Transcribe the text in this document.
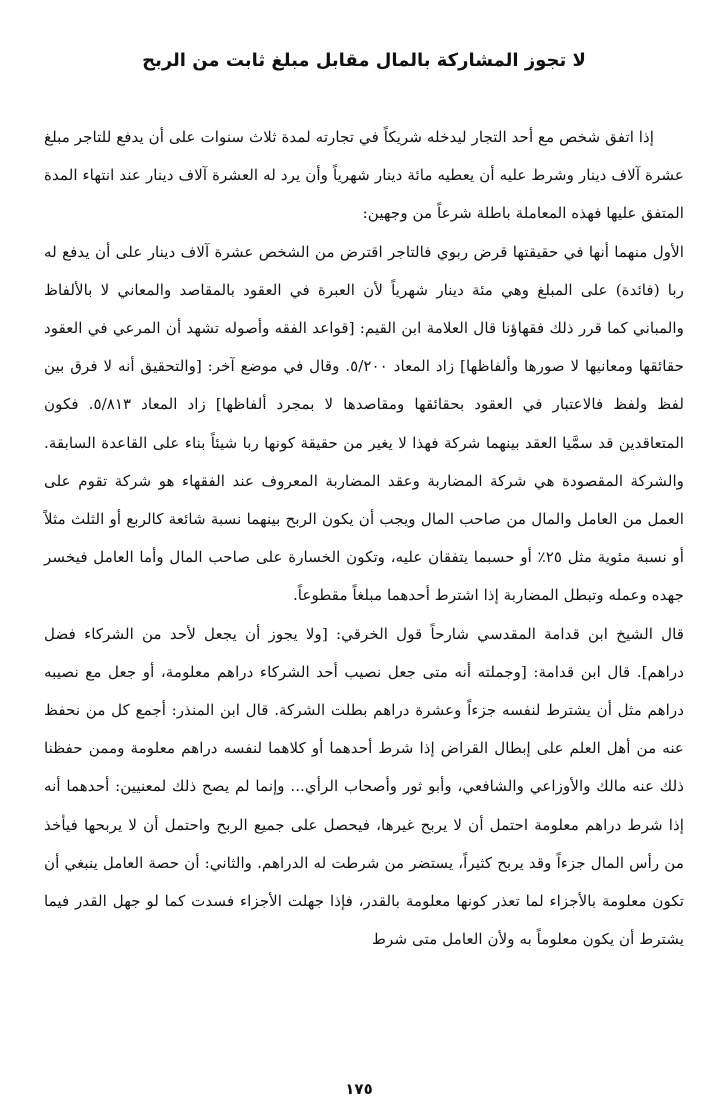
لا تجوز المشاركة بالمال مقابل مبلغ ثابت من الربح

إذا اتفق شخص مع أحد التجار ليدخله شريكاً في تجارته لمدة ثلاث سنوات على أن يدفع للتاجر مبلغ عشرة آلاف دينار وشرط عليه أن يعطيه مائة دينار شهرياً وأن يرد له العشرة آلاف دينار عند انتهاء المدة المتفق عليها فهذه المعاملة باطلة شرعاً من وجهين:

الأول منهما أنها في حقيقتها قرض ربوي فالتاجر اقترض من الشخص عشرة آلاف دينار على أن يدفع له ربا (فائدة) على المبلغ وهي مئة دينار شهرياً لأن العبرة في العقود بالمقاصد والمعاني لا بالألفاظ والمباني كما قرر ذلك فقهاؤنا قال العلامة ابن القيم: [قواعد الفقه وأصوله تشهد أن المرعي في العقود حقائقها ومعانيها لا صورها وألفاظها] زاد المعاد ٥/٢٠٠. وقال في موضع آخر: [والتحقيق أنه لا فرق بين لفظ ولفظ فالاعتبار في العقود بحقائقها ومقاصدها لا بمجرد ألفاظها] زاد المعاد ٥/٨١٣. فكون المتعاقدين قد سمَّيا العقد بينهما شركة فهذا لا يغير من حقيقة كونها ربا شيئاً بناء على القاعدة السابقة. والشركة المقصودة هي شركة المضاربة وعقد المضاربة المعروف عند الفقهاء هو شركة تقوم على العمل من العامل والمال من صاحب المال ويجب أن يكون الربح بينهما نسبة شائعة كالربع أو الثلث مثلاً أو نسبة مئوية مثل ٢٥٪ أو حسبما يتفقان عليه، وتكون الخسارة على صاحب المال وأما العامل فيخسر جهده وعمله وتبطل المضاربة إذا اشترط أحدهما مبلغاً مقطوعاً.

قال الشيخ ابن قدامة المقدسي شارحاً قول الخرقي: [ولا يجوز أن يجعل لأحد من الشركاء فضل دراهم]. قال ابن قدامة: [وجملته أنه متى جعل نصيب أحد الشركاء دراهم معلومة، أو جعل مع نصيبه دراهم مثل أن يشترط لنفسه جزءاً وعشرة دراهم بطلت الشركة. قال ابن المنذر: أجمع كل من نحفظ عنه من أهل العلم على إبطال القراض إذا شرط أحدهما أو كلاهما لنفسه دراهم معلومة وممن حفظنا ذلك عنه مالك والأوزاعي والشافعي، وأبو ثور وأصحاب الرأي... وإنما لم يصح ذلك لمعنيين: أحدهما أنه إذا شرط دراهم معلومة احتمل أن لا يربح غيرها، فيحصل على جميع الربح واحتمل أن لا يربحها فيأخذ من رأس المال جزءاً وقد يربح كثيراً، يستضر من شرطت له الدراهم. والثاني: أن حصة العامل ينبغي أن تكون معلومة بالأجزاء لما تعذر كونها معلومة بالقدر، فإذا جهلت الأجزاء فسدت كما لو جهل القدر فيما يشترط أن يكون معلوماً به ولأن العامل متى شرط

١٧٥
